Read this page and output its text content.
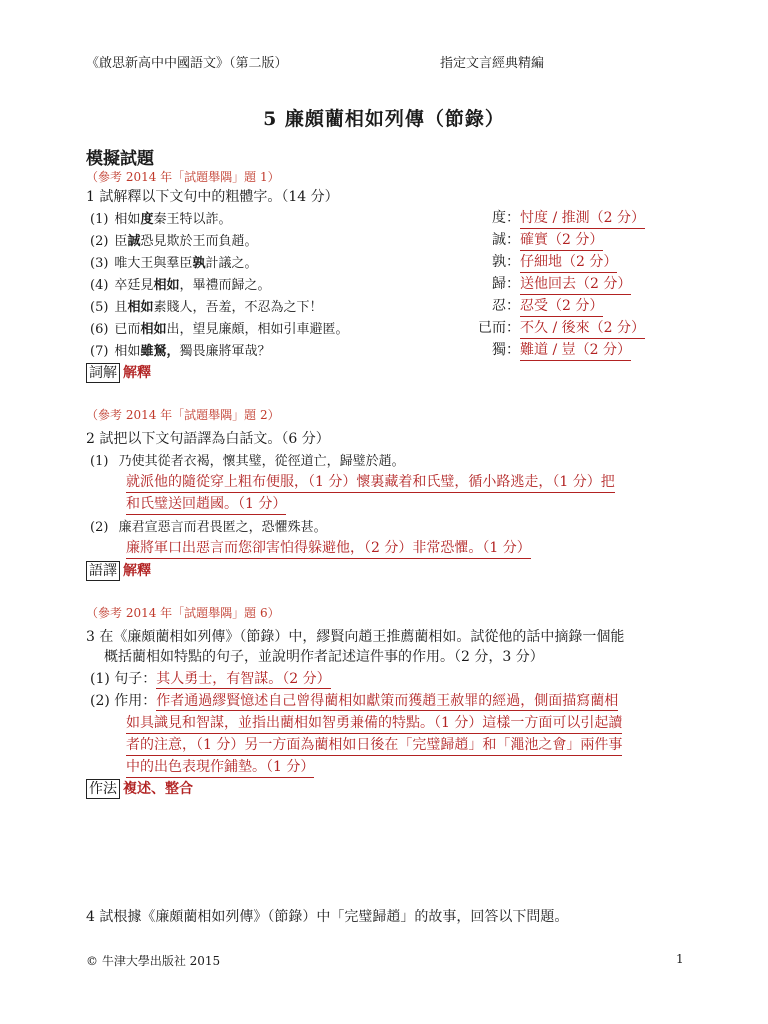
《啟思新高中中國語文》（第二版）	指定文言經典精編
5 廉頗藺相如列傳（節錄）
模擬試題
（參考 2014 年「試題舉隅」題 1）
1 試解釋以下文句中的粗體字。（14 分）
(1) 相如度秦王特以詐。	度： 忖度 / 推測（2 分）
(2) 臣誠恐見欺於王而負趙。	誠： 確實（2 分）
(3) 唯大王與羣臣孰計議之。	孰： 仔細地（2 分）
(4) 卒廷見相如，畢禮而歸之。	歸： 送他回去（2 分）
(5) 且相如素賤人，吾羞，不忍為之下！	忍： 忍受（2 分）
(6) 已而相如出，望見廉頗，相如引車避匿。	已而： 不久 / 後來（2 分）
(7) 相如雖駑，獨畏廉將軍哉？	獨： 難道 / 豈（2 分）
詞解 解釋
（參考 2014 年「試題舉隅」題 2）
2 試把以下文句語譯為白話文。（6 分）
(1) 乃使其從者衣褐，懷其璧，從徑道亡，歸璧於趙。
就派他的隨從穿上粗布便服，（1 分）懷裏藏着和氏璧，循小路逃走，（1 分）把
和氏璧送回趙國。（1 分）
(2) 廉君宣惡言而君畏匿之，恐懼殊甚。
廉將軍口出惡言而您卻害怕得躲避他，（2 分）非常恐懼。（1 分）
語譯 解釋
（參考 2014 年「試題舉隅」題 6）
3 在《廉頗藺相如列傳》（節錄）中，繆賢向趙王推薦藺相如。試從他的話中摘錄一個能
概括藺相如特點的句子，並說明作者記述這件事的作用。（2 分，3 分）
(1) 句子：其人勇士，有智謀。（2 分）
(2) 作用：作者通過繆賢憶述自己曾得藺相如獻策而獲趙王赦罪的經過，側面描寫藺相
如具識見和智謀，並指出藺相如智勇兼備的特點。（1 分）這樣一方面可以引起讀
者的注意，（1 分）另一方面為藺相如日後在「完璧歸趙」和「澠池之會」兩件事
中的出色表現作鋪墊。（1 分）
作法 複述、整合
4 試根據《廉頗藺相如列傳》（節錄）中「完璧歸趙」的故事，回答以下問題。
© 牛津大學出版社 2015	1
